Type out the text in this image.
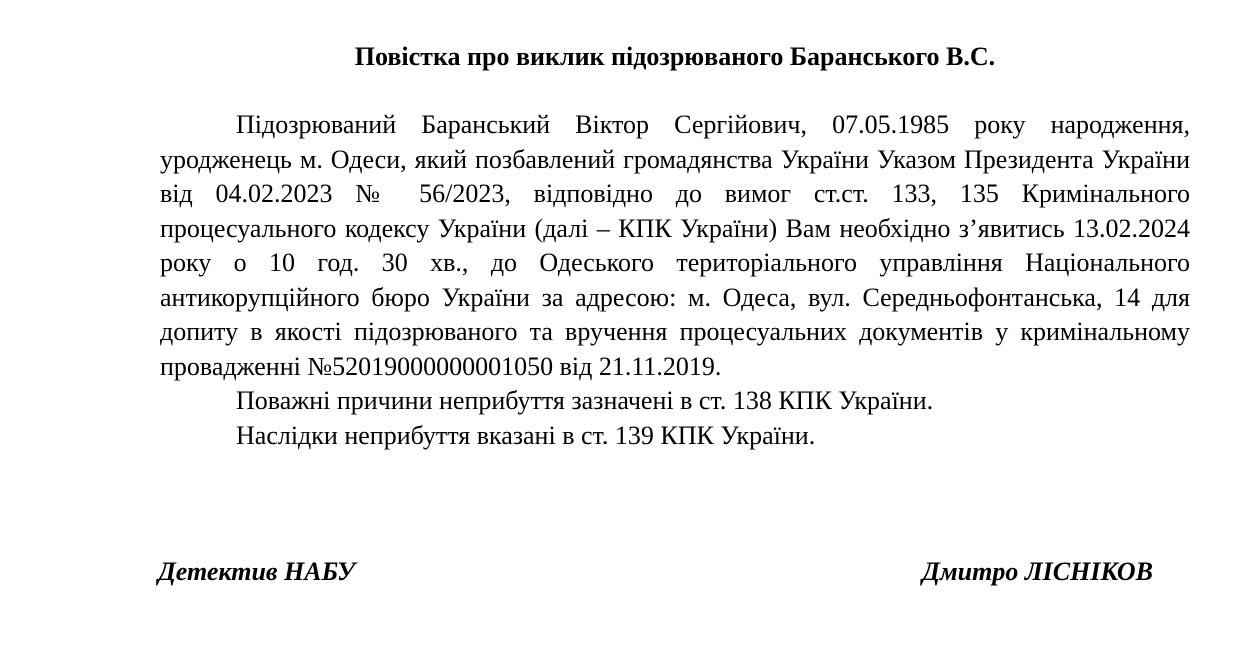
Повістка про виклик підозрюваного Баранського В.С.

Підозрюваний Баранський Віктор Сергійович, 07.05.1985 року народження, уродженець м. Одеси, який позбавлений громадянства України Указом Президента України від 04.02.2023 № 56/2023, відповідно до вимог ст.ст. 133, 135 Кримінального процесуального кодексу України (далі – КПК України) Вам необхідно з’явитись 13.02.2024 року о 10 год. 30 хв., до Одеського територіального управління Національного антикорупційного бюро України за адресою: м. Одеса, вул. Середньофонтанська, 14 для допиту в якості підозрюваного та вручення процесуальних документів у кримінальному провадженні №52019000000001050 від 21.11.2019.

Поважні причини неприбуття зазначені в ст. 138 КПК України.

Наслідки неприбуття вказані в ст. 139 КПК України.

Детектив НАБУ	Дмитро ЛІСНІКОВ
